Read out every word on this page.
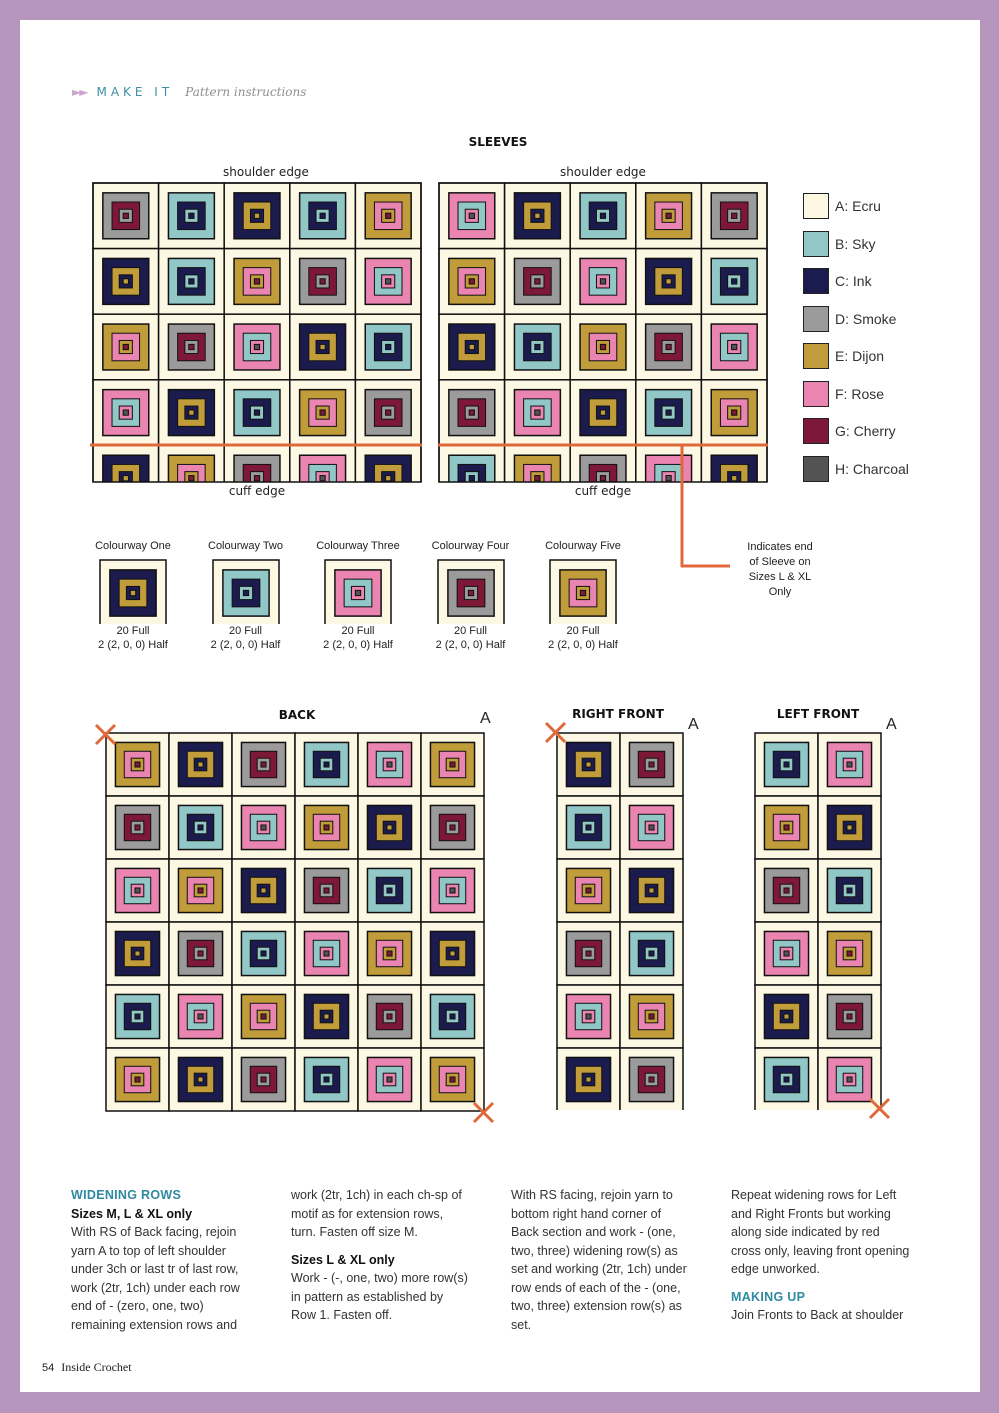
►► MAKE IT Pattern instructions
SLEEVES
shoulder edge	shoulder edge
cuff edge	cuff edge
Indicates end
of Sleeve on
Sizes L & XL
Only
A: Ecru
B: Sky
C: Ink
D: Smoke
E: Dijon
F: Rose
G: Cherry
H: Charcoal
Colourway One
20 Full
2 (2, 0, 0) Half
Colourway Two
20 Full
2 (2, 0, 0) Half
Colourway Three
20 Full
2 (2, 0, 0) Half
Colourway Four
20 Full
2 (2, 0, 0) Half
Colourway Five
20 Full
2 (2, 0, 0) Half
BACK	A	RIGHT FRONT
A
LEFT FRONT
A
WIDENING ROWS
Sizes M, L & XL only

With RS of Back facing, rejoin yarn A to top of left shoulder under 3ch or last tr of last row, work (2tr, 1ch) under each row end of - (zero, one, two) remaining extension rows and

work (2tr, 1ch) in each ch-sp of motif as for extension rows, turn. Fasten off size M.

Sizes L & XL only

Work - (-, one, two) more row(s) in pattern as established by Row 1. Fasten off.

With RS facing, rejoin yarn to bottom right hand corner of Back section and work - (one, two, three) widening row(s) as set and working (2tr, 1ch) under row ends of each of the - (one, two, three) extension row(s) as set.

Repeat widening rows for Left and Right Fronts but working along side indicated by red cross only, leaving front opening edge unworked.

MAKING UP

Join Fronts to Back at shoulder

54 Inside Crochet
